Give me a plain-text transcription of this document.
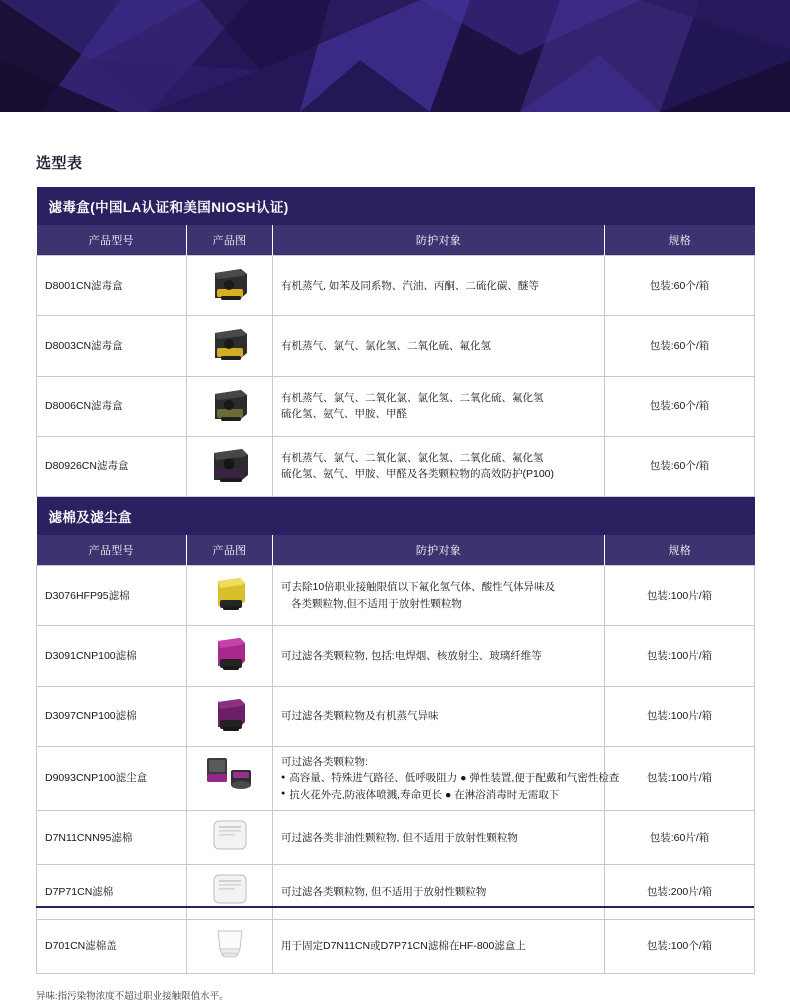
选型表
滤毒盒(中国LA认证和美国NIOSH认证)			
产品型号	产品图	防护对象	规格
D8001CN滤毒盒		有机蒸气, 如苯及同系物、汽油、丙酮、二硫化碳、醚等	包装:60个/箱
D8003CN滤毒盒		有机蒸气、氯气、氯化氢、二氧化硫、氟化氢	包装:60个/箱
D8006CN滤毒盒		有机蒸气、氯气、二氧化氯、氯化氢、二氧化硫、氟化氢
硫化氢、氨气、甲胺、甲醛	包装:60个/箱
D80926CN滤毒盒		有机蒸气、氯气、二氧化氯、氯化氢、二氧化硫、氟化氢
硫化氢、氨气、甲胺、甲醛及各类颗粒物的高效防护(P100)	包装:60个/箱
滤棉及滤尘盒			
产品型号	产品图	防护对象	规格
D3076HFP95滤棉		可去除10倍职业接触限值以下氟化氢气体、酸性气体异味及
各类颗粒物,但不适用于放射性颗粒物	包装:100片/箱
D3091CNP100滤棉		可过滤各类颗粒物, 包括:电焊烟、核放射尘、玻璃纤维等	包装:100片/箱
D3097CNP100滤棉		可过滤各类颗粒物及有机蒸气异味	包装:100片/箱
D9093CNP100滤尘盒		
可过滤各类颗粒物:
● 高容量、特殊进气路径、低呼吸阻力 ● 弹性装置,便于配戴和气密性检查
● 抗火花外壳,防液体喷溅,寿命更长 ● 在淋浴消毒时无需取下
	包装:100片/箱
D7N11CNN95滤棉		可过滤各类非油性颗粒物, 但不适用于放射性颗粒物	包装:60片/箱
D7P71CN滤棉		可过滤各类颗粒物, 但不适用于放射性颗粒物	包装:200片/箱
D701CN滤棉盖		用于固定D7N11CN或D7P71CN滤棉在HF-800滤盒上	包装:100个/箱
异味:指污染物浓度不超过职业接触限值水平。
